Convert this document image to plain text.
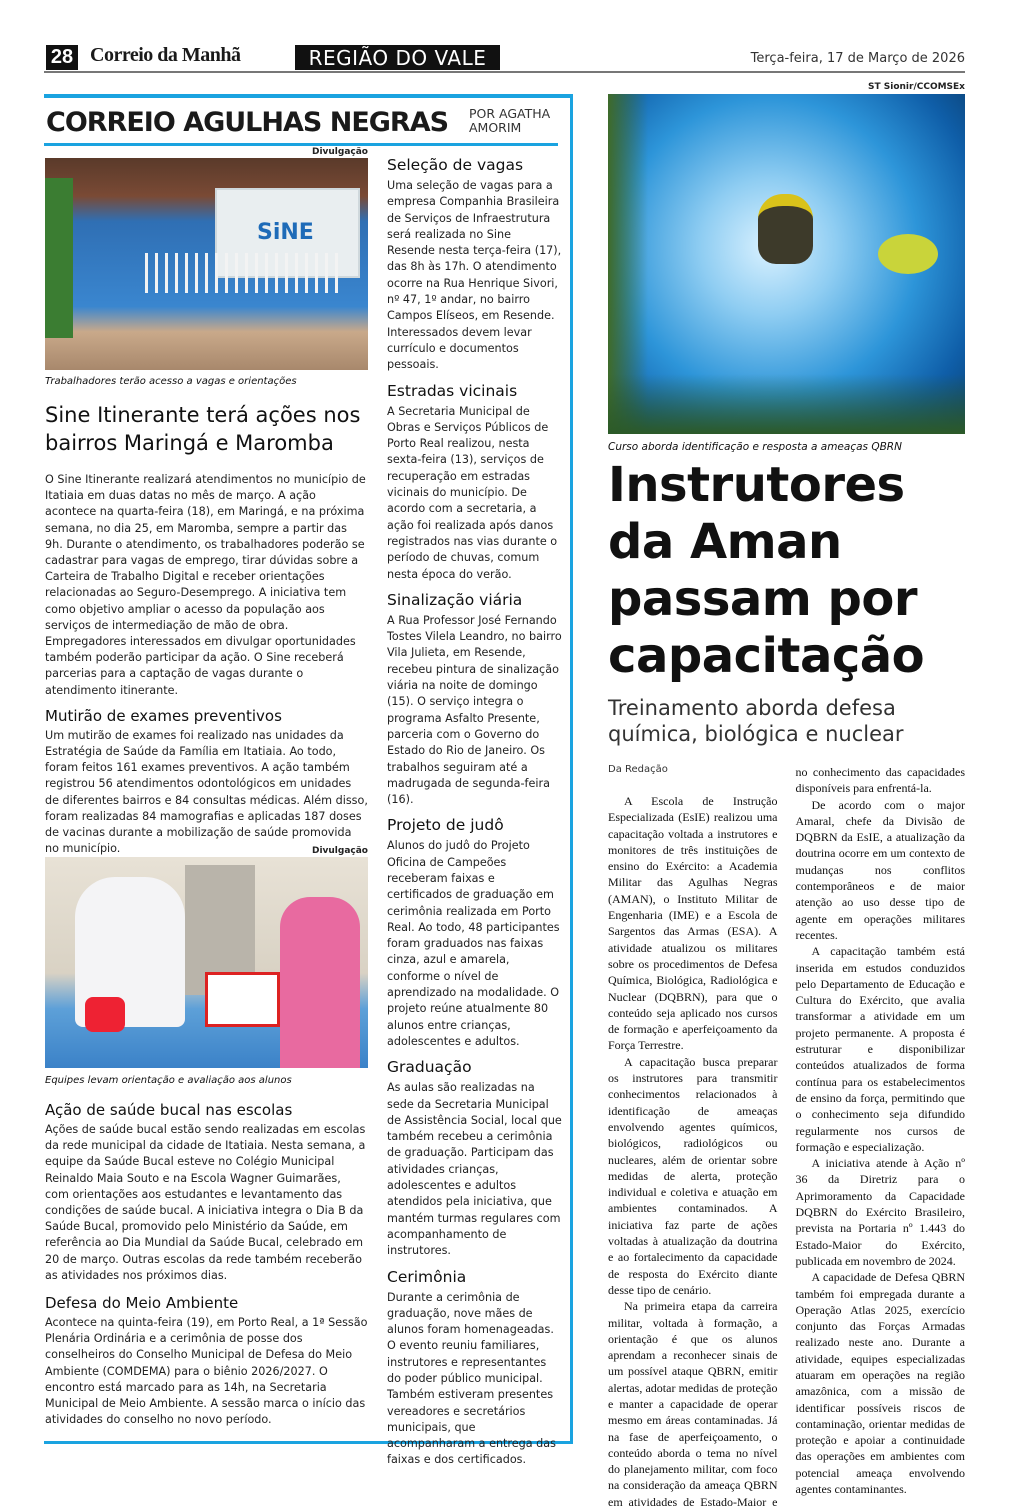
28 Correio da Manhã	REGIÃO DO VALE	Terça-feira, 17 de Março de 2026
CORREIO AGULHAS NEGRAS POR AGATHA AMORIM
Divulgação
SiNE
Trabalhadores terão acesso a vagas e orientações
Sine Itinerante terá ações nos bairros Maringá e Maromba

O Sine Itinerante realizará atendimentos no município de Itatiaia em duas datas no mês de março. A ação acontece na quarta-feira (18), em Maringá, e na próxima semana, no dia 25, em Maromba, sempre a partir das 9h. Durante o atendimento, os trabalhadores poderão se cadastrar para vagas de emprego, tirar dúvidas sobre a Carteira de Trabalho Digital e receber orientações relacionadas ao Seguro-Desemprego. A iniciativa tem como objetivo ampliar o acesso da população aos serviços de intermediação de mão de obra. Empregadores interessados em divulgar oportunidades também poderão participar da ação. O Sine receberá parcerias para a captação de vagas durante o atendimento itinerante.

Mutirão de exames preventivos

Um mutirão de exames foi realizado nas unidades da Estratégia de Saúde da Família em Itatiaia. Ao todo, foram feitos 161 exames preventivos. A ação também registrou 56 atendimentos odontológicos em unidades de diferentes bairros e 84 consultas médicas. Além disso, foram realizadas 84 mamografias e aplicadas 187 doses de vacinas durante a mobilização de saúde promovida no município.	Divulgação
Equipes levam orientação e avaliação aos alunos
Ação de saúde bucal nas escolas

Ações de saúde bucal estão sendo realizadas em escolas da rede municipal da cidade de Itatiaia. Nesta semana, a equipe da Saúde Bucal esteve no Colégio Municipal Reinaldo Maia Souto e na Escola Wagner Guimarães, com orientações aos estudantes e levantamento das condições de saúde bucal. A iniciativa integra o Dia B da Saúde Bucal, promovido pelo Ministério da Saúde, em referência ao Dia Mundial da Saúde Bucal, celebrado em 20 de março. Outras escolas da rede também receberão as atividades nos próximos dias.

Defesa do Meio Ambiente

Acontece na quinta-feira (19), em Porto Real, a 1ª Sessão Plenária Ordinária e a cerimônia de posse dos conselheiros do Conselho Municipal de Defesa do Meio Ambiente (COMDEMA) para o biênio 2026/2027. O encontro está marcado para as 14h, na Secretaria Municipal de Meio Ambiente. A sessão marca o início das atividades do conselho no novo período.

Seleção de vagas

Uma seleção de vagas para a empresa Companhia Brasileira de Serviços de Infraestrutura será realizada no Sine Resende nesta terça-feira (17), das 8h às 17h. O atendimento ocorre na Rua Henrique Sivori, nº 47, 1º andar, no bairro Campos Elíseos, em Resende. Interessados devem levar currículo e documentos pessoais.

Estradas vicinais

A Secretaria Municipal de Obras e Serviços Públicos de Porto Real realizou, nesta sexta-feira (13), serviços de recuperação em estradas vicinais do município. De acordo com a secretaria, a ação foi realizada após danos registrados nas vias durante o período de chuvas, comum nesta época do verão.

Sinalização viária

A Rua Professor José Fernando Tostes Vilela Leandro, no bairro Vila Julieta, em Resende, recebeu pintura de sinalização viária na noite de domingo (15). O serviço integra o programa Asfalto Presente, parceria com o Governo do Estado do Rio de Janeiro. Os trabalhos seguiram até a madrugada de segunda-feira (16).

Projeto de judô

Alunos do judô do Projeto Oficina de Campeões receberam faixas e certificados de graduação em cerimônia realizada em Porto Real. Ao todo, 48 participantes foram graduados nas faixas cinza, azul e amarela, conforme o nível de aprendizado na modalidade. O projeto reúne atualmente 80 alunos entre crianças, adolescentes e adultos.

Graduação

As aulas são realizadas na sede da Secretaria Municipal de Assistência Social, local que também recebeu a cerimônia de graduação. Participam das atividades crianças, adolescentes e adultos atendidos pela iniciativa, que mantém turmas regulares com acompanhamento de instrutores.

Cerimônia

Durante a cerimônia de graduação, nove mães de alunos foram homenageadas. O evento reuniu familiares, instrutores e representantes do poder público municipal. Também estiveram presentes vereadores e secretários municipais, que acompanharam a entrega das faixas e dos certificados.

ST Sionir/CCOMSEx
Curso aborda identificação e resposta a ameaças QBRN
Instrutores da Aman passam por capacitação
Treinamento aborda defesa química, biológica e nuclear

Da Redação

A Escola de Instrução Especializada (EsIE) realizou uma capacitação voltada a instrutores e monitores de três instituições de ensino do Exército: a Academia Militar das Agulhas Negras (AMAN), o Instituto Militar de Engenharia (IME) e a Escola de Sargentos das Armas (ESA). A atividade atualizou os militares sobre os procedimentos de Defesa Química, Biológica, Radiológica e Nuclear (DQBRN), para que o conteúdo seja aplicado nos cursos de formação e aperfeiçoamento da Força Terrestre.

A capacitação busca preparar os instrutores para transmitir conhecimentos relacionados à identificação de ameaças envolvendo agentes químicos, biológicos, radiológicos ou nucleares, além de orientar sobre medidas de alerta, proteção individual e coletiva e atuação em ambientes contaminados. A iniciativa faz parte de ações voltadas à atualização da doutrina e ao fortalecimento da capacidade de resposta do Exército diante desse tipo de cenário.

Na primeira etapa da carreira militar, voltada à formação, a orientação é que os alunos aprendam a reconhecer sinais de um possível ataque QBRN, emitir alertas, adotar medidas de proteção e manter a capacidade de operar mesmo em áreas contaminadas. Já na fase de aperfeiçoamento, o conteúdo aborda o tema no nível do planejamento militar, com foco na consideração da ameaça QBRN em atividades de Estado-Maior e no conhecimento das capacidades disponíveis para enfrentá-la.

De acordo com o major Amaral, chefe da Divisão de DQBRN da EsIE, a atualização da doutrina ocorre em um contexto de mudanças nos conflitos contemporâneos e de maior atenção ao uso desse tipo de agente em operações militares recentes.

A capacitação também está inserida em estudos conduzidos pelo Departamento de Educação e Cultura do Exército, que avalia transformar a atividade em um projeto permanente. A proposta é estruturar e disponibilizar conteúdos atualizados de forma contínua para os estabelecimentos de ensino da força, permitindo que o conhecimento seja difundido regularmente nos cursos de formação e especialização.

A iniciativa atende à Ação nº 36 da Diretriz para o Aprimoramento da Capacidade DQBRN do Exército Brasileiro, prevista na Portaria nº 1.443 do Estado-Maior do Exército, publicada em novembro de 2024.

A capacidade de Defesa QBRN também foi empregada durante a Operação Atlas 2025, exercício conjunto das Forças Armadas realizado neste ano. Durante a atividade, equipes especializadas atuaram em operações na região amazônica, com a missão de identificar possíveis riscos de contaminação, orientar medidas de proteção e apoiar a continuidade das operações em ambientes com potencial ameaça envolvendo agentes contaminantes.
